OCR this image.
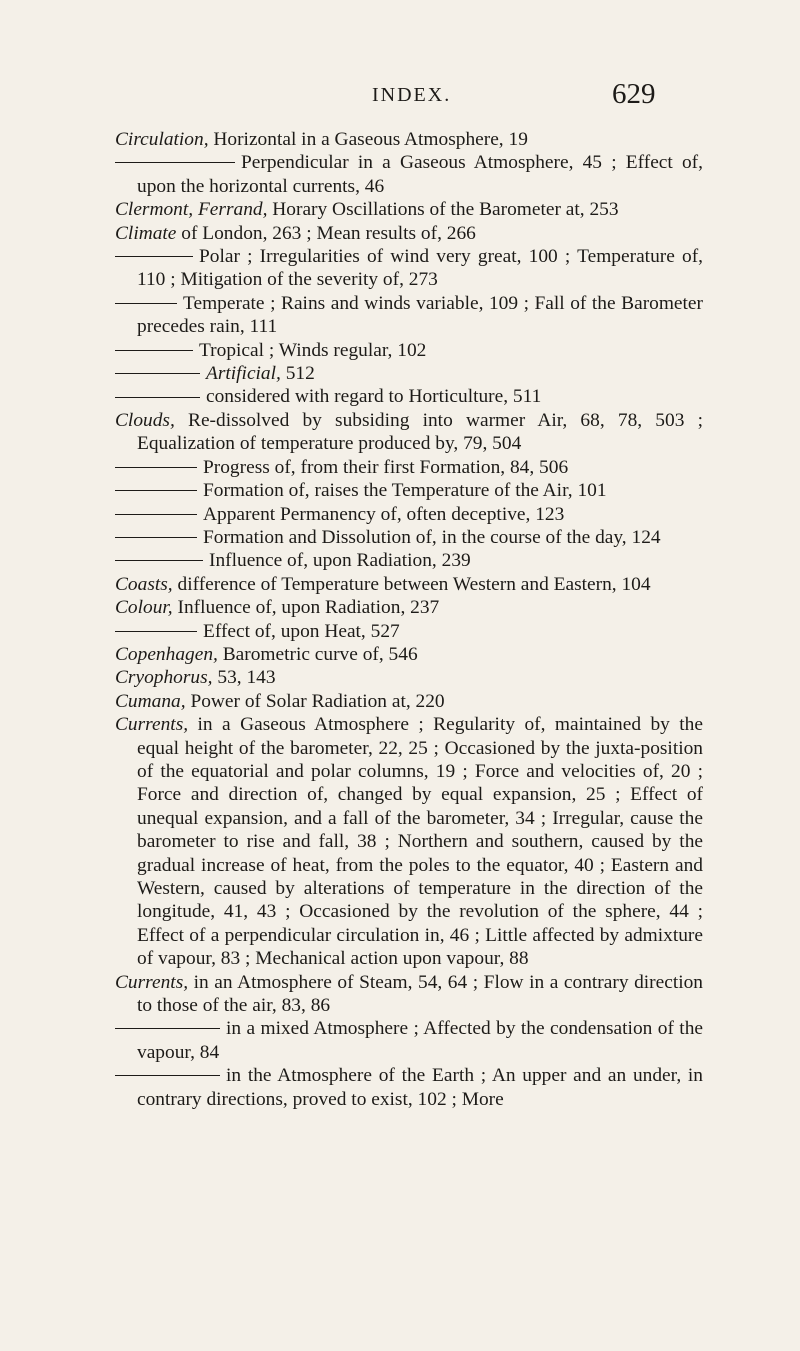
INDEX.	629
Circulation, Horizontal in a Gaseous Atmosphere, 19
Perpendicular in a Gaseous Atmosphere, 45 ; Effect of, upon the horizontal currents, 46
Clermont, Ferrand, Horary Oscillations of the Barometer at, 253
Climate of London, 263 ; Mean results of, 266
Polar ; Irregularities of wind very great, 100 ; Temperature of, 110 ; Mitigation of the severity of, 273
Temperate ; Rains and winds variable, 109 ; Fall of the Barometer precedes rain, 111
Tropical ; Winds regular, 102
Artificial, 512
considered with regard to Horticulture, 511
Clouds, Re-dissolved by subsiding into warmer Air, 68, 78, 503 ; Equalization of temperature produced by, 79, 504
Progress of, from their first Formation, 84, 506
Formation of, raises the Temperature of the Air, 101
Apparent Permanency of, often deceptive, 123
Formation and Dissolution of, in the course of the day, 124
Influence of, upon Radiation, 239
Coasts, difference of Temperature between Western and Eastern, 104
Colour, Influence of, upon Radiation, 237
Effect of, upon Heat, 527
Copenhagen, Barometric curve of, 546
Cryophorus, 53, 143
Cumana, Power of Solar Radiation at, 220
Currents, in a Gaseous Atmosphere ; Regularity of, maintained by the equal height of the barometer, 22, 25 ; Occasioned by the juxta-position of the equatorial and polar columns, 19 ; Force and velocities of, 20 ; Force and direction of, changed by equal expansion, 25 ; Effect of unequal expansion, and a fall of the barometer, 34 ; Irregular, cause the barometer to rise and fall, 38 ; Northern and southern, caused by the gradual increase of heat, from the poles to the equator, 40 ; Eastern and Western, caused by alterations of temperature in the direction of the longitude, 41, 43 ; Occasioned by the revolution of the sphere, 44 ; Effect of a perpendicular circulation in, 46 ; Little affected by admixture of vapour, 83 ; Mechanical action upon vapour, 88
Currents, in an Atmosphere of Steam, 54, 64 ; Flow in a contrary direction to those of the air, 83, 86
in a mixed Atmosphere ; Affected by the condensation of the vapour, 84
in the Atmosphere of the Earth ; An upper and an under, in contrary directions, proved to exist, 102 ; More
